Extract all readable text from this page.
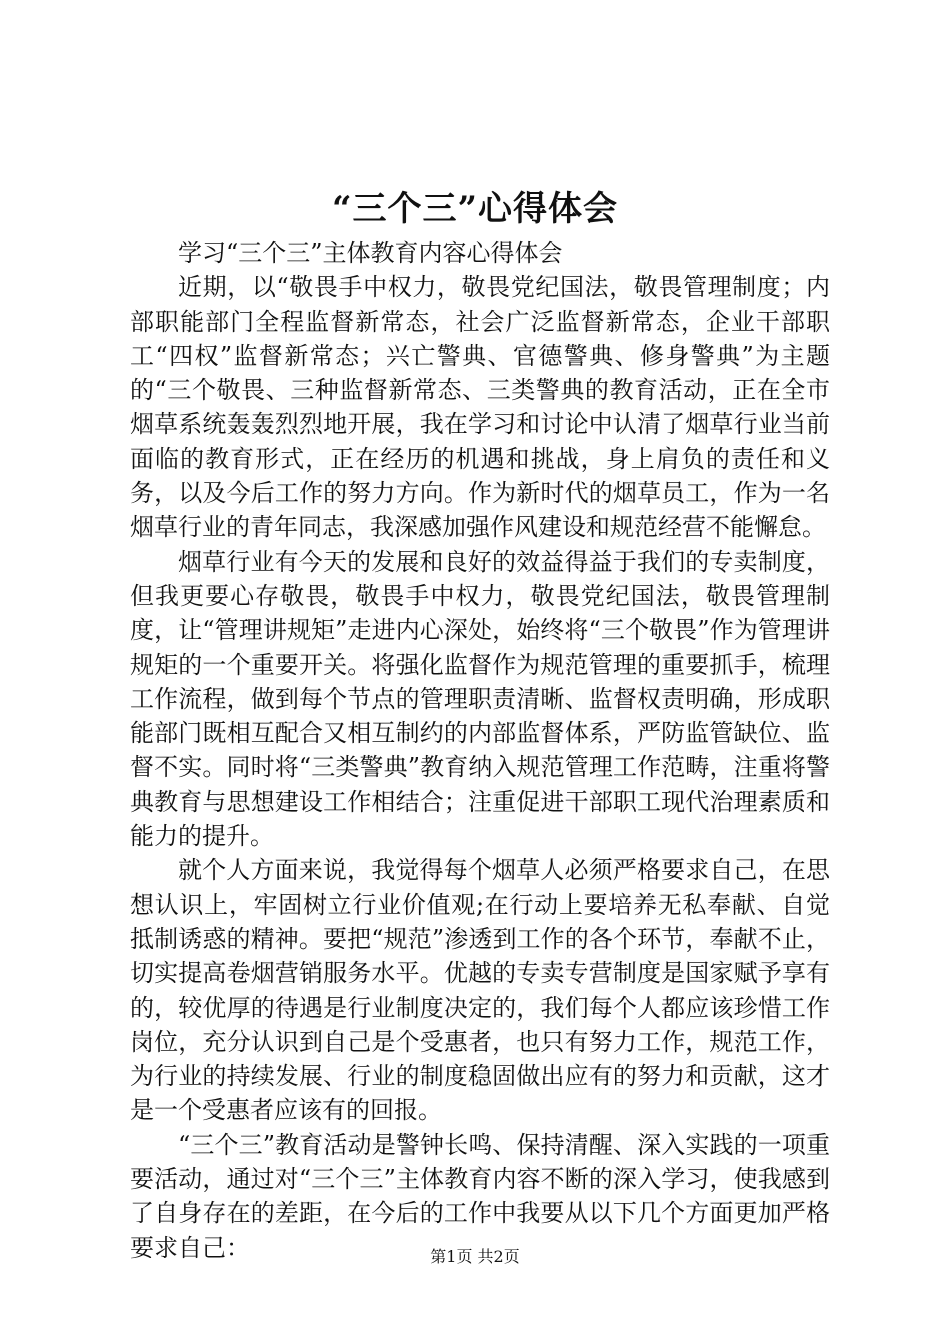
“三个三”心得体会

学习“三个三”主体教育内容心得体会

近期，以“敬畏手中权力，敬畏党纪国法，敬畏管理制度；内部职能部门全程监督新常态，社会广泛监督新常态，企业干部职工“四权”监督新常态；兴亡警典、官德警典、修身警典”为主题的“三个敬畏、三种监督新常态、三类警典的教育活动，正在全市烟草系统轰轰烈烈地开展，我在学习和讨论中认清了烟草行业当前面临的教育形式，正在经历的机遇和挑战，身上肩负的责任和义务，以及今后工作的努力方向。作为新时代的烟草员工，作为一名烟草行业的青年同志，我深感加强作风建设和规范经营不能懈怠。

烟草行业有今天的发展和良好的效益得益于我们的专卖制度，但我更要心存敬畏，敬畏手中权力，敬畏党纪国法，敬畏管理制度，让“管理讲规矩”走进内心深处，始终将“三个敬畏”作为管理讲规矩的一个重要开关。将强化监督作为规范管理的重要抓手，梳理工作流程，做到每个节点的管理职责清晰、监督权责明确，形成职能部门既相互配合又相互制约的内部监督体系，严防监管缺位、监督不实。同时将“三类警典”教育纳入规范管理工作范畴，注重将警典教育与思想建设工作相结合；注重促进干部职工现代治理素质和能力的提升。

就个人方面来说，我觉得每个烟草人必须严格要求自己，在思想认识上，牢固树立行业价值观;在行动上要培养无私奉献、自觉抵制诱惑的精神。要把“规范”渗透到工作的各个环节，奉献不止，切实提高卷烟营销服务水平。优越的专卖专营制度是国家赋予享有的，较优厚的待遇是行业制度决定的，我们每个人都应该珍惜工作岗位，充分认识到自己是个受惠者，也只有努力工作，规范工作，为行业的持续发展、行业的制度稳固做出应有的努力和贡献，这才是一个受惠者应该有的回报。

“三个三”教育活动是警钟长鸣、保持清醒、深入实践的一项重要活动，通过对“三个三”主体教育内容不断的深入学习，使我感到了自身存在的差距，在今后的工作中我要从以下几个方面更加严格要求自己：	第1页 共2页
